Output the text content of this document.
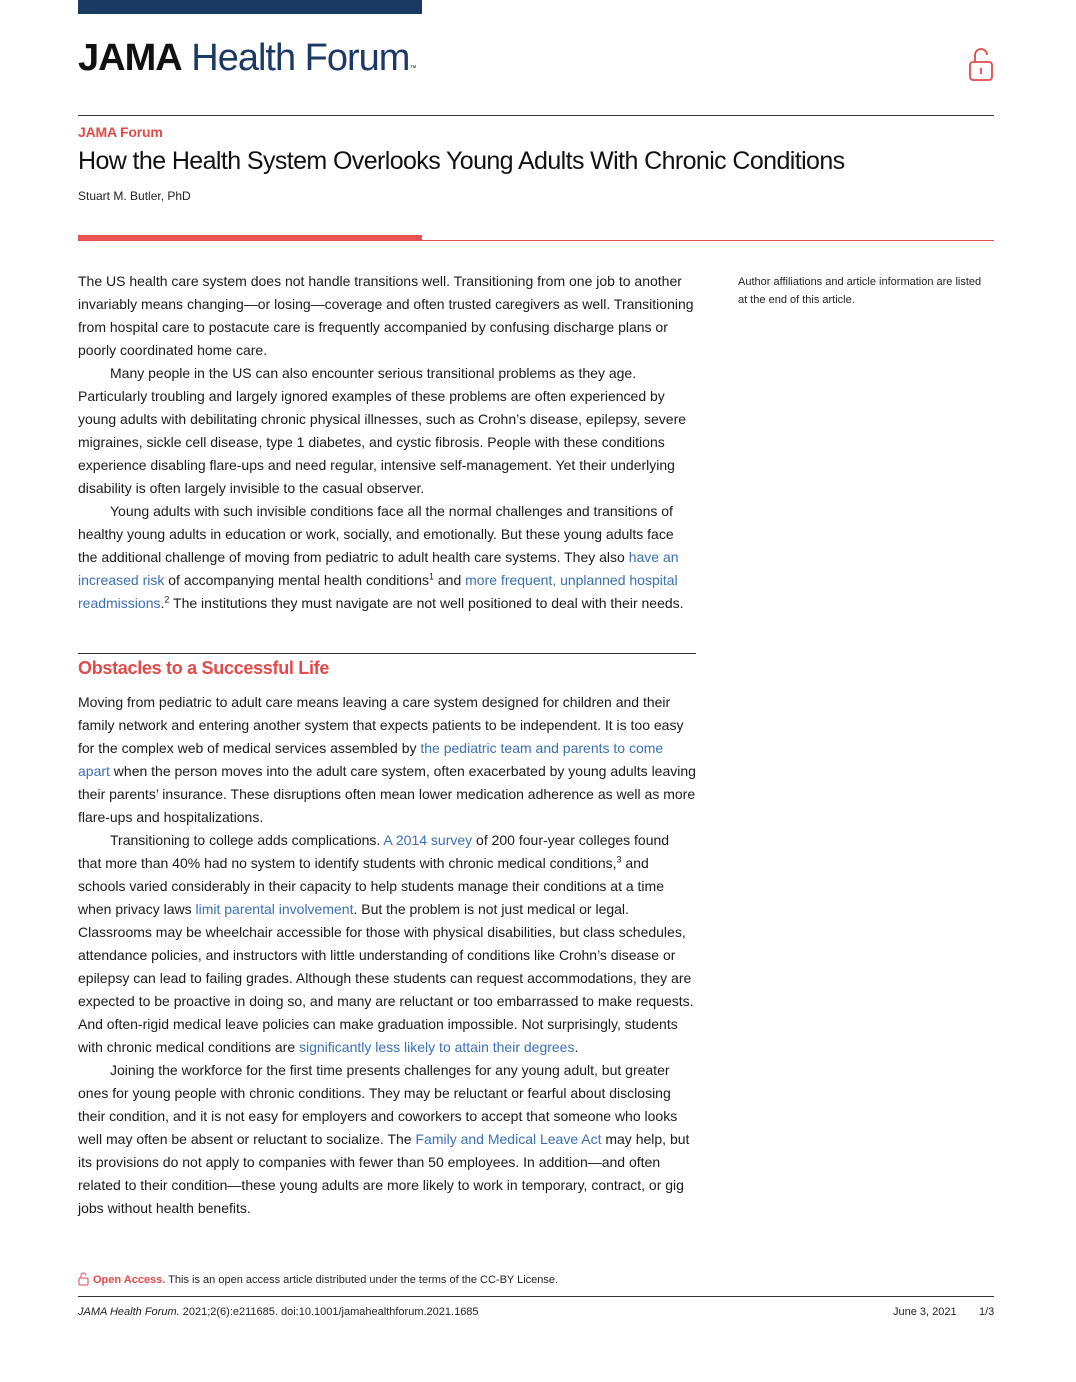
JAMA Health Forum™
JAMA Forum
How the Health System Overlooks Young Adults With Chronic Conditions
Stuart M. Butler, PhD

The US health care system does not handle transitions well. Transitioning from one job to another invariably means changing—or losing—coverage and often trusted caregivers as well. Transitioning from hospital care to postacute care is frequently accompanied by confusing discharge plans or poorly coordinated home care.

Many people in the US can also encounter serious transitional problems as they age. Particularly troubling and largely ignored examples of these problems are often experienced by young adults with debilitating chronic physical illnesses, such as Crohn’s disease, epilepsy, severe migraines, sickle cell disease, type 1 diabetes, and cystic fibrosis. People with these conditions experience disabling flare-ups and need regular, intensive self-management. Yet their underlying disability is often largely invisible to the casual observer.

Young adults with such invisible conditions face all the normal challenges and transitions of healthy young adults in education or work, socially, and emotionally. But these young adults face the additional challenge of moving from pediatric to adult health care systems. They also have an increased risk of accompanying mental health conditions$^1$ and more frequent, unplanned hospital readmissions.$^2$ The institutions they must navigate are not well positioned to deal with their needs.

Author affiliations and article information are listed at the end of this article.
Obstacles to a Successful Life

Moving from pediatric to adult care means leaving a care system designed for children and their family network and entering another system that expects patients to be independent. It is too easy for the complex web of medical services assembled by the pediatric team and parents to come apart when the person moves into the adult care system, often exacerbated by young adults leaving their parents’ insurance. These disruptions often mean lower medication adherence as well as more flare-ups and hospitalizations.

Transitioning to college adds complications. A 2014 survey of 200 four-year colleges found that more than 40% had no system to identify students with chronic medical conditions,$^3$ and schools varied considerably in their capacity to help students manage their conditions at a time when privacy laws limit parental involvement. But the problem is not just medical or legal. Classrooms may be wheelchair accessible for those with physical disabilities, but class schedules, attendance policies, and instructors with little understanding of conditions like Crohn’s disease or epilepsy can lead to failing grades. Although these students can request accommodations, they are expected to be proactive in doing so, and many are reluctant or too embarrassed to make requests. And often-rigid medical leave policies can make graduation impossible. Not surprisingly, students with chronic medical conditions are significantly less likely to attain their degrees.

Joining the workforce for the first time presents challenges for any young adult, but greater ones for young people with chronic conditions. They may be reluctant or fearful about disclosing their condition, and it is not easy for employers and coworkers to accept that someone who looks well may often be absent or reluctant to socialize. The Family and Medical Leave Act may help, but its provisions do not apply to companies with fewer than 50 employees. In addition—and often related to their condition—these young adults are more likely to work in temporary, contract, or gig jobs without health benefits.

Open Access. This is an open access article distributed under the terms of the CC-BY License.
JAMA Health Forum. 2021;2(6):e211685. doi:10.1001/jamahealthforum.2021.1685	June 3, 2021 1/3
